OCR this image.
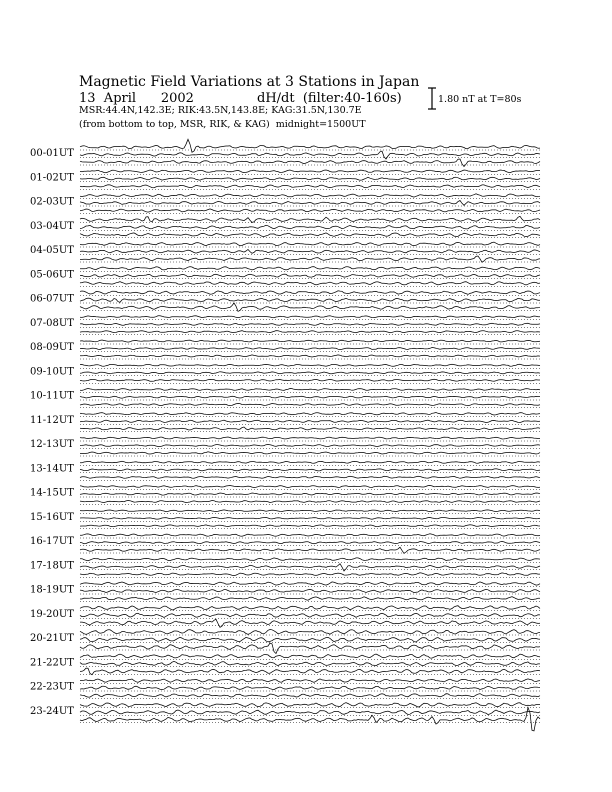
Magnetic Field Variations at 3 Stations in Japan
13  April      2002	dH/dt  (filter:40-160s)
MSR:44.4N,142.3E; RIK:43.5N,143.8E; KAG:31.5N,130.7E
(from bottom to top, MSR, RIK, & KAG)  midnight=1500UT
1.80 nT at T=80s
00-01UT
01-02UT
02-03UT
03-04UT
04-05UT
05-06UT
06-07UT
07-08UT
08-09UT
09-10UT
10-11UT
11-12UT
12-13UT
13-14UT
14-15UT
15-16UT
16-17UT
17-18UT
18-19UT
19-20UT
20-21UT
21-22UT
22-23UT
23-24UT
